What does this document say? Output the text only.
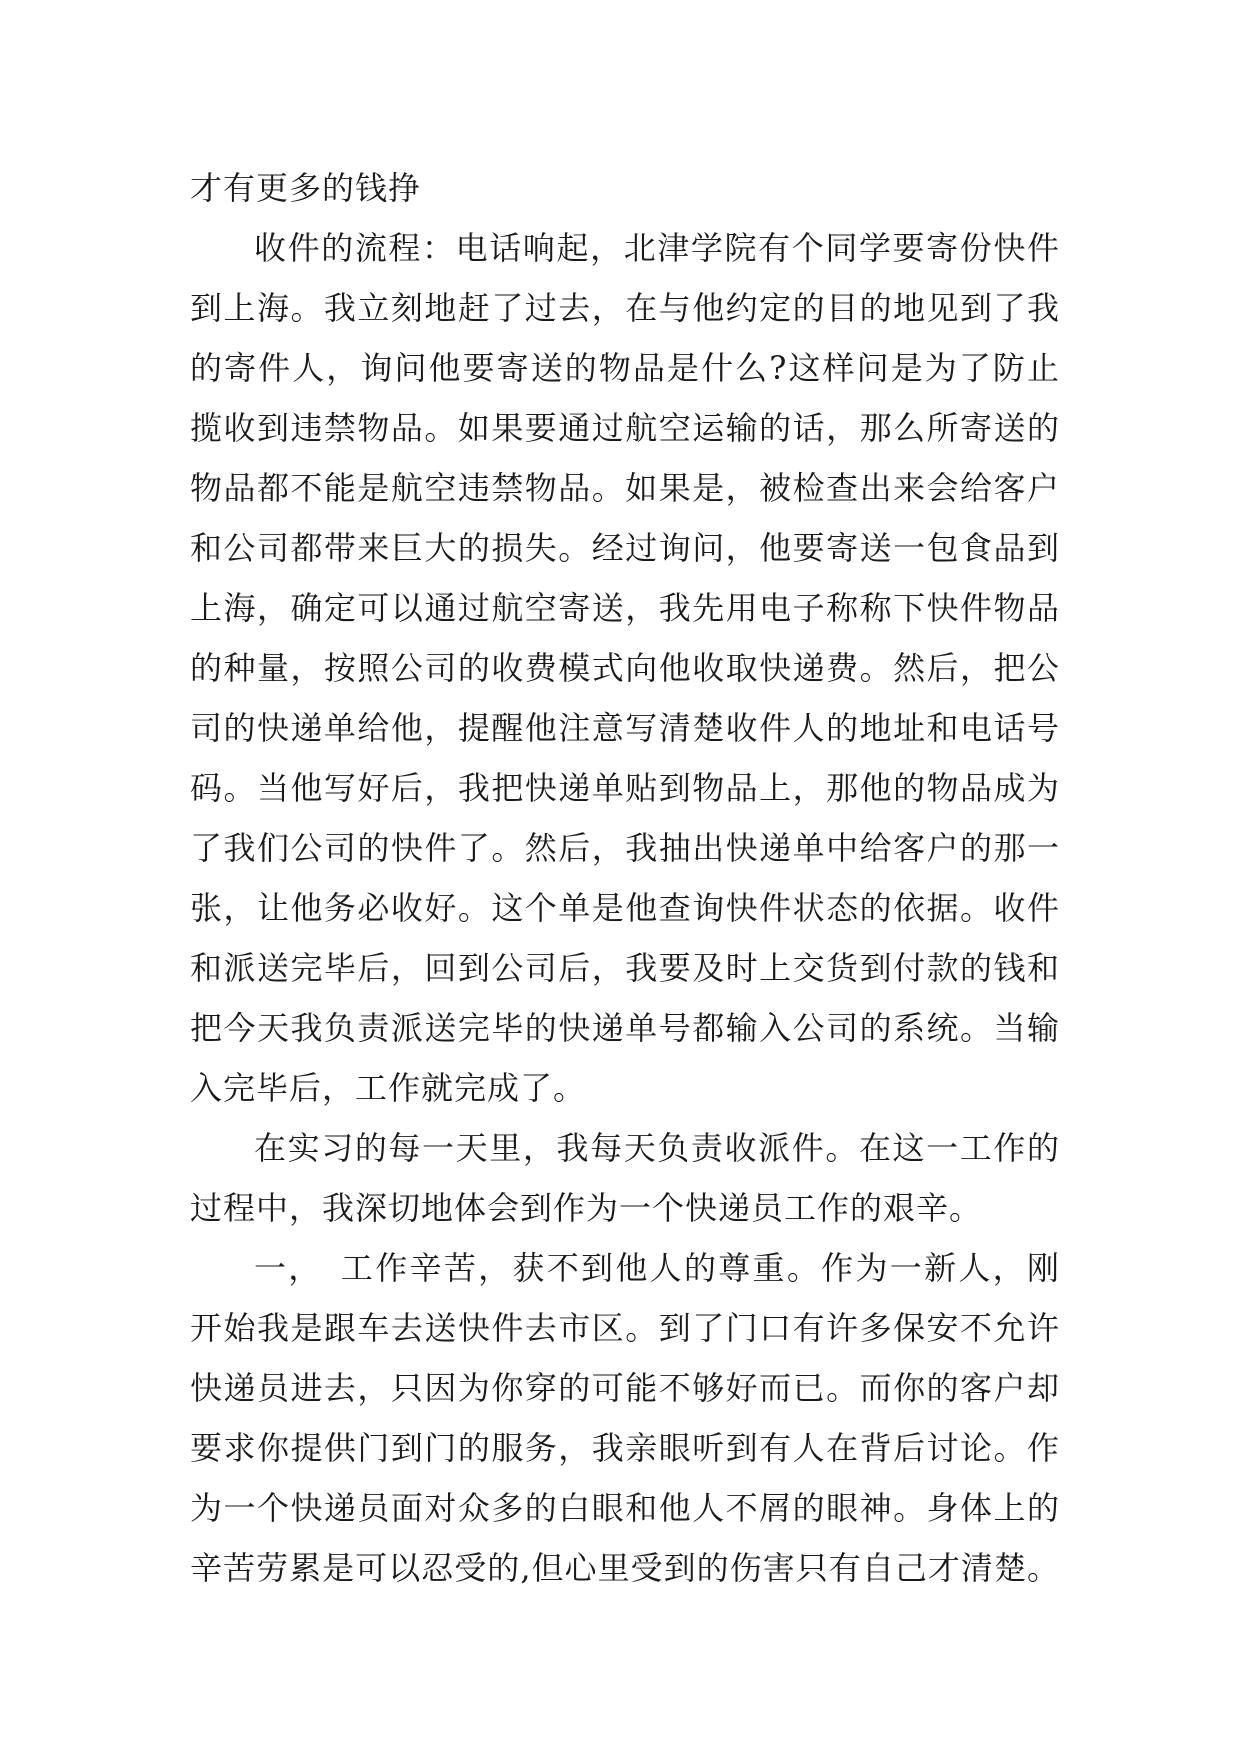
才有更多的钱挣
收件的流程：电话响起，北津学院有个同学要寄份快件
到上海。我立刻地赶了过去，在与他约定的目的地见到了我
的寄件人，询问他要寄送的物品是什么?这样问是为了防止
揽收到违禁物品。如果要通过航空运输的话，那么所寄送的
物品都不能是航空违禁物品。如果是，被检查出来会给客户
和公司都带来巨大的损失。经过询问，他要寄送一包食品到
上海，确定可以通过航空寄送，我先用电子称称下快件物品
的种量，按照公司的收费模式向他收取快递费。然后，把公
司的快递单给他，提醒他注意写清楚收件人的地址和电话号
码。当他写好后，我把快递单贴到物品上，那他的物品成为
了我们公司的快件了。然后，我抽出快递单中给客户的那一
张，让他务必收好。这个单是他查询快件状态的依据。收件
和派送完毕后，回到公司后，我要及时上交货到付款的钱和
把今天我负责派送完毕的快递单号都输入公司的系统。当输
入完毕后，工作就完成了。
在实习的每一天里，我每天负责收派件。在这一工作的
过程中，我深切地体会到作为一个快递员工作的艰辛。
一，　工作辛苦，获不到他人的尊重。作为一新人，刚
开始我是跟车去送快件去市区。到了门口有许多保安不允许
快递员进去，只因为你穿的可能不够好而已。而你的客户却
要求你提供门到门的服务，我亲眼听到有人在背后讨论。作
为一个快递员面对众多的白眼和他人不屑的眼神。身体上的
辛苦劳累是可以忍受的,但心里受到的伤害只有自己才清楚。
